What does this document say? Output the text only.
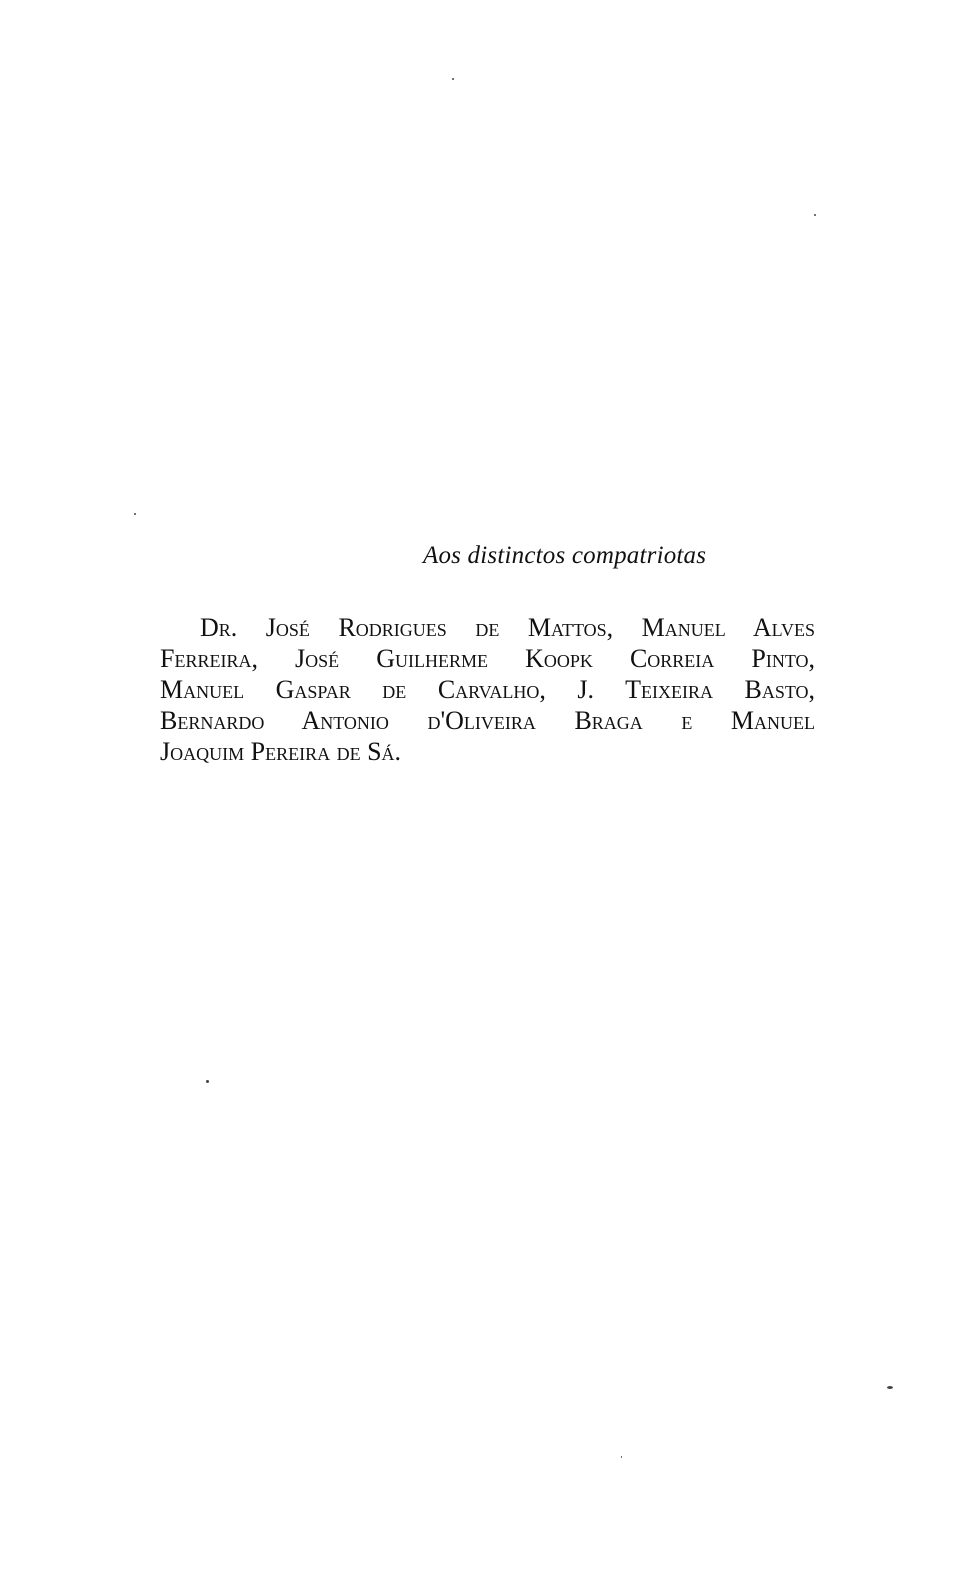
Aos distinctos compatriotas
Dr. José Rodrigues de Mattos, Manuel Alves
Ferreira, José Guilherme Koopk Correia Pinto,
Manuel Gaspar de Carvalho, J. Teixeira Basto,
Bernardo Antonio d'Oliveira Braga e Manuel
Joaquim Pereira de Sá.
